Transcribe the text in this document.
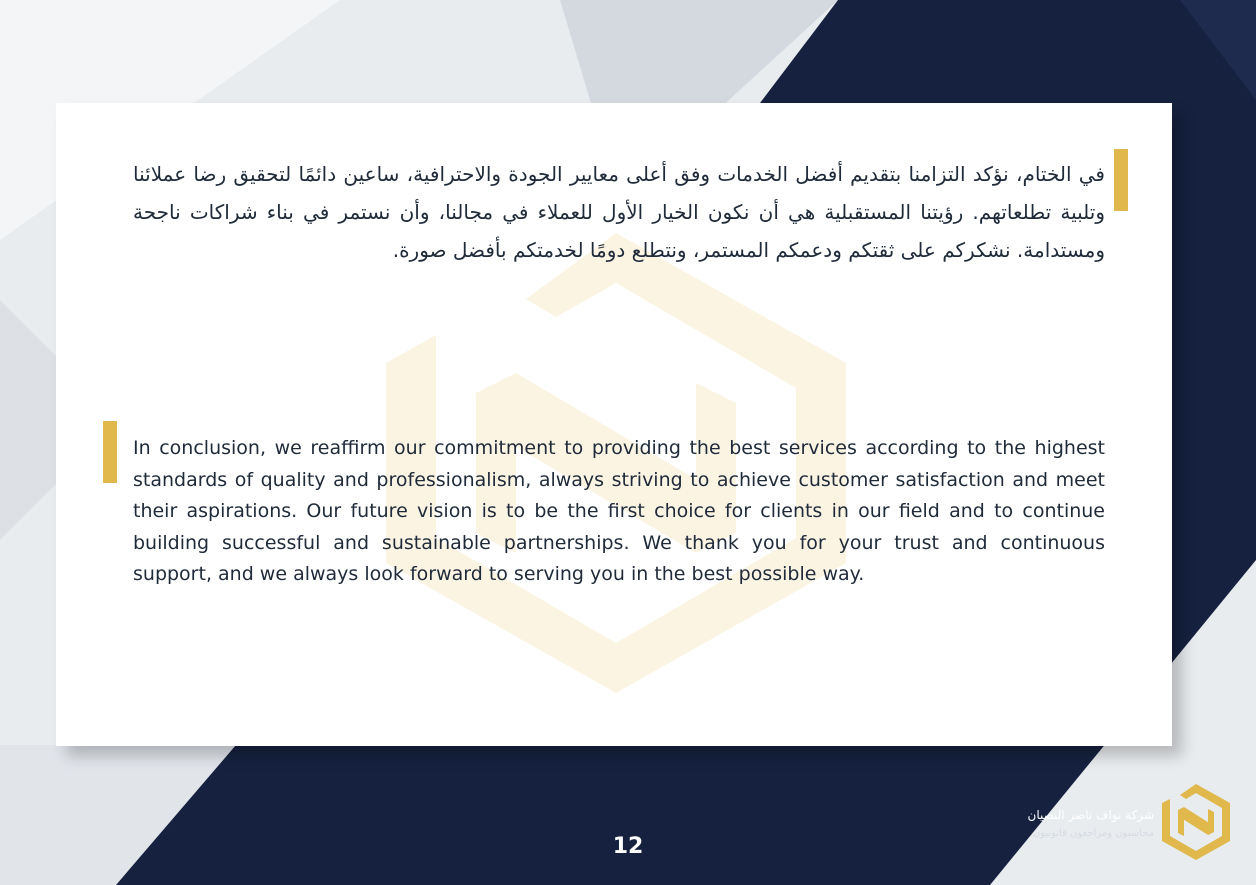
في الختام، نؤكد التزامنا بتقديم أفضل الخدمات وفق أعلى معايير الجودة والاحترافية، ساعين دائمًا لتحقيق رضا عملائنا وتلبية تطلعاتهم. رؤيتنا المستقبلية هي أن نكون الخيار الأول للعملاء في مجالنا، وأن نستمر في بناء شراكات ناجحة ومستدامة. نشكركم على ثقتكم ودعمكم المستمر، ونتطلع دومًا لخدمتكم بأفضل صورة.

In conclusion, we reaffirm our commitment to providing the best services according to the highest standards of quality and professionalism, always striving to achieve customer satisfaction and meet their aspirations. Our future vision is to be the first choice for clients in our field and to continue building successful and sustainable partnerships. We thank you for your trust and continuous support, and we always look forward to serving you in the best possible way.

12
شركة نواف ناصر النصيان
محاسبون ومراجعون قانونيون
